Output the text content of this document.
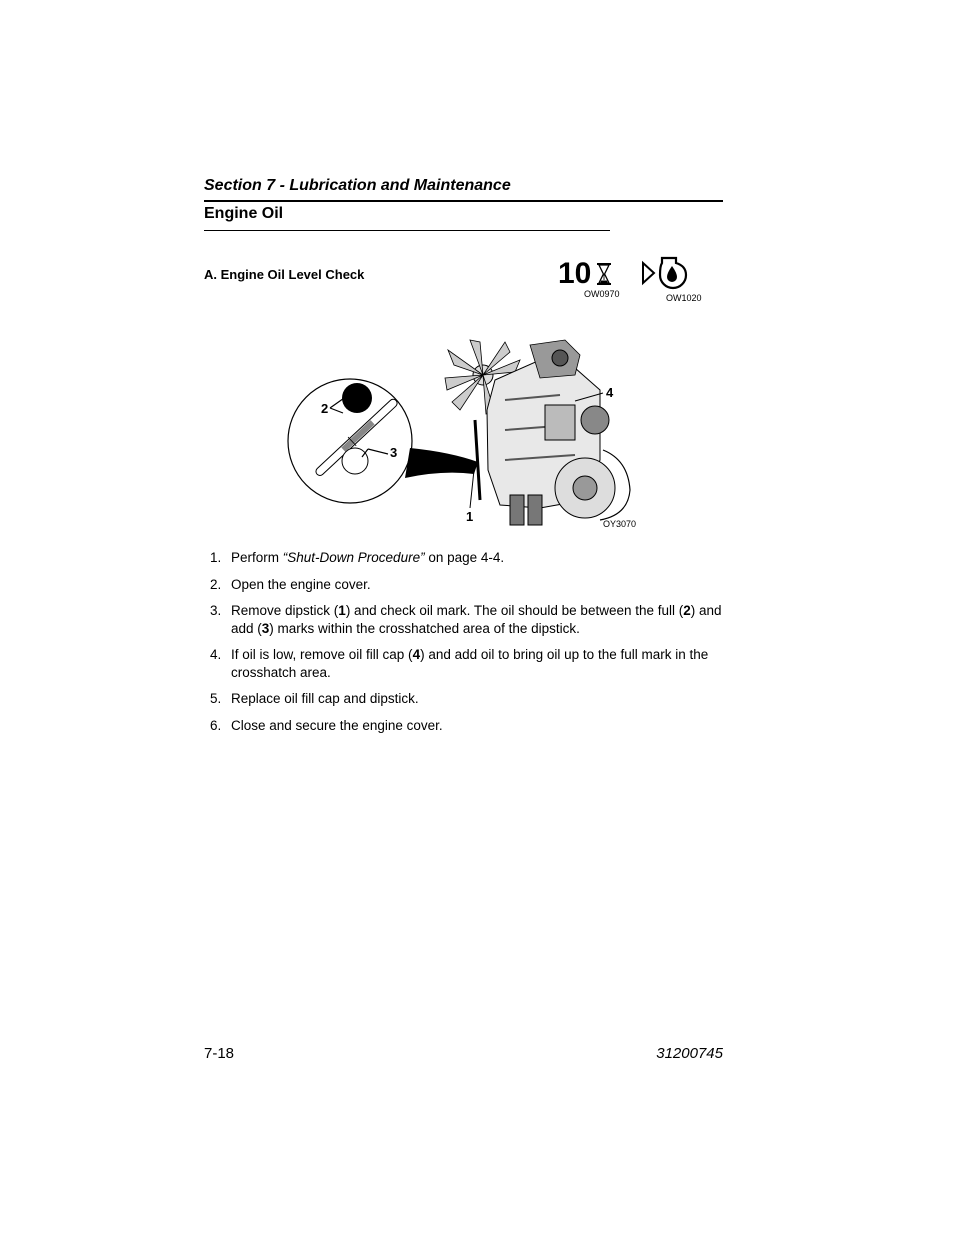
Section 7 - Lubrication and Maintenance
Engine Oil
A. Engine Oil Level Check	10
OW0970	OW1020
2
3
4
1	OY3070
1. Perform “Shut-Down Procedure” on page 4-4.
2. Open the engine cover.
3. Remove dipstick (1) and check oil mark. The oil should be between the full (2) and add (3) marks within the crosshatched area of the dipstick.
4. If oil is low, remove oil fill cap (4) and add oil to bring oil up to the full mark in the crosshatch area.
5. Replace oil fill cap and dipstick.
6. Close and secure the engine cover.
7-18	31200745
